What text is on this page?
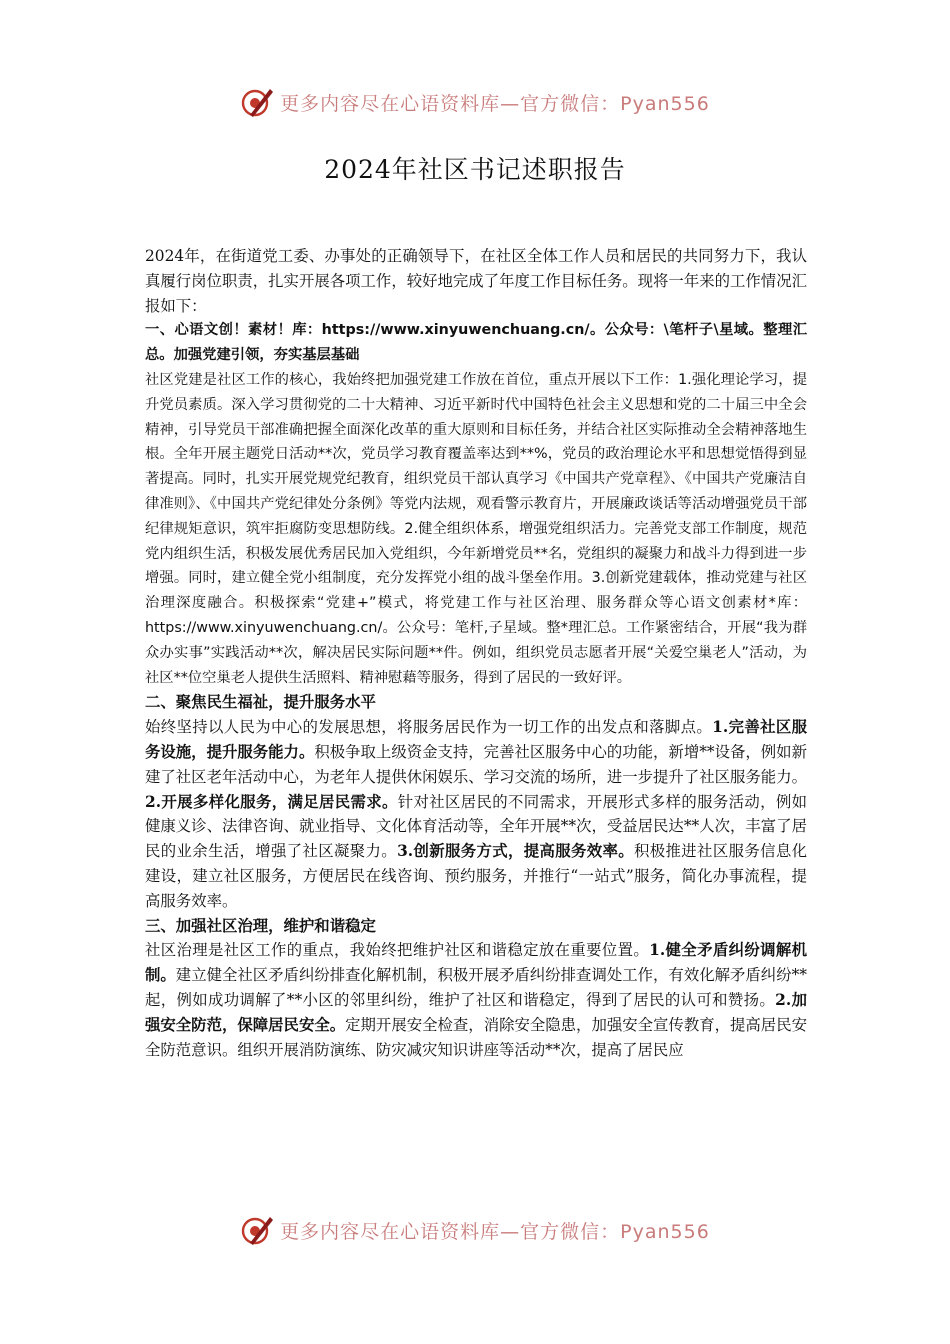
更多内容尽在心语资料库—官方微信：Pyan556
2024年社区书记述职报告

2024年，在街道党工委、办事处的正确领导下，在社区全体工作人员和居民的共同努力下，我认真履行岗位职责，扎实开展各项工作，较好地完成了年度工作目标任务。现将一年来的工作情况汇报如下：

一、心语文创！素材！库：https://www.xinyuwenchuang.cn/。公众号：\笔杆子\星域。整理汇总。加强党建引领，夯实基层基础

社区党建是社区工作的核心，我始终把加强党建工作放在首位，重点开展以下工作：1.强化理论学习，提升党员素质。深入学习贯彻党的二十大精神、习近平新时代中国特色社会主义思想和党的二十届三中全会精神，引导党员干部准确把握全面深化改革的重大原则和目标任务，并结合社区实际推动全会精神落地生根。全年开展主题党日活动**次，党员学习教育覆盖率达到**%，党员的政治理论水平和思想觉悟得到显著提高。同时，扎实开展党规党纪教育，组织党员干部认真学习《中国共产党章程》、《中国共产党廉洁自律准则》、《中国共产党纪律处分条例》等党内法规，观看警示教育片，开展廉政谈话等活动增强党员干部纪律规矩意识，筑牢拒腐防变思想防线。2.健全组织体系，增强党组织活力。完善党支部工作制度，规范党内组织生活，积极发展优秀居民加入党组织，今年新增党员**名，党组织的凝聚力和战斗力得到进一步增强。同时，建立健全党小组制度，充分发挥党小组的战斗堡垒作用。3.创新党建载体，推动党建与社区治理深度融合。积极探索“党建+”模式，将党建工作与社区治理、服务群众等心语文创素材*库：https://www.xinyuwenchuang.cn/。公众号：笔杆,子星域。整*理汇总。工作紧密结合，开展“我为群众办实事”实践活动**次，解决居民实际问题**件。例如，组织党员志愿者开展“关爱空巢老人”活动，为社区**位空巢老人提供生活照料、精神慰藉等服务，得到了居民的一致好评。

二、聚焦民生福祉，提升服务水平

始终坚持以人民为中心的发展思想，将服务居民作为一切工作的出发点和落脚点。1.完善社区服务设施，提升服务能力。积极争取上级资金支持，完善社区服务中心的功能，新增**设备，例如新建了社区老年活动中心，为老年人提供休闲娱乐、学习交流的场所，进一步提升了社区服务能力。2.开展多样化服务，满足居民需求。针对社区居民的不同需求，开展形式多样的服务活动，例如健康义诊、法律咨询、就业指导、文化体育活动等，全年开展**次，受益居民达**人次，丰富了居民的业余生活，增强了社区凝聚力。3.创新服务方式，提高服务效率。积极推进社区服务信息化建设，建立社区服务，方便居民在线咨询、预约服务，并推行“一站式”服务，简化办事流程，提高服务效率。

三、加强社区治理，维护和谐稳定

社区治理是社区工作的重点，我始终把维护社区和谐稳定放在重要位置。1.健全矛盾纠纷调解机制。建立健全社区矛盾纠纷排查化解机制，积极开展矛盾纠纷排查调处工作，有效化解矛盾纠纷**起，例如成功调解了**小区的邻里纠纷，维护了社区和谐稳定，得到了居民的认可和赞扬。2.加强安全防范，保障居民安全。定期开展安全检查，消除安全隐患，加强安全宣传教育，提高居民安全防范意识。组织开展消防演练、防灾减灾知识讲座等活动**次，提高了居民应

更多内容尽在心语资料库—官方微信：Pyan556
